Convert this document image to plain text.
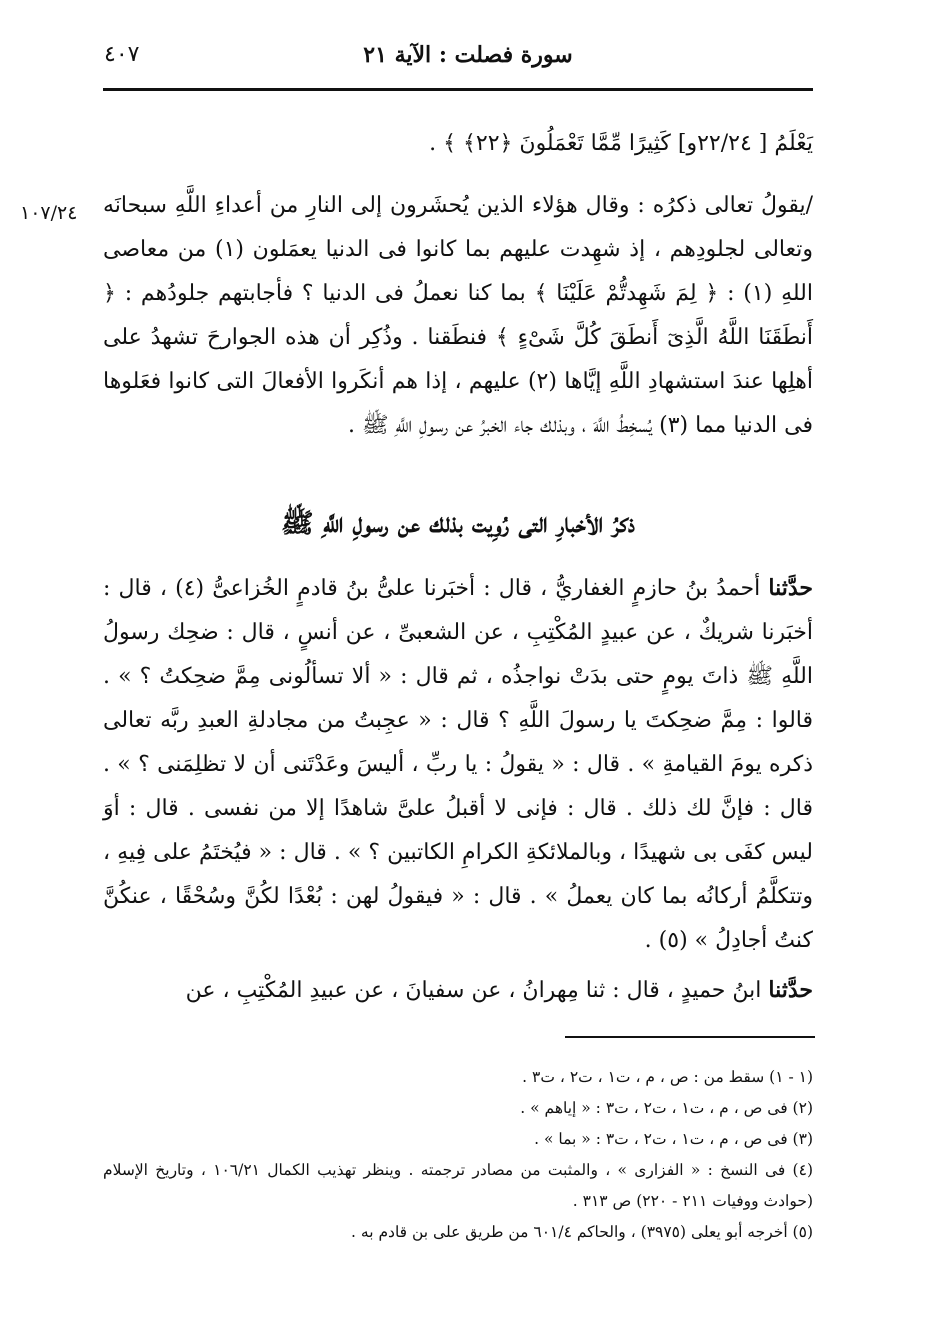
٤٠٧	سورة فصلت : الآية ٢١

يَعْلَمُ [ ٢٢/٢٤و] كَثِيرًا مِّمَّا تَعْمَلُونَ ﴿٢٢﴾ ﴾ .

١٠٧/٢٤ /يقولُ تعالى ذكرُه : وقال هؤلاء الذين يُحشَرون إلى النارِ من أعداءِ اللَّهِ سبحانَه وتعالى لجلودِهم ، إذ شهِدت عليهم بما كانوا فى الدنيا يعمَلون (١) من معاصى اللهِ (١) : ﴿ لِمَ شَهِدتُّمْ عَلَيْنَا ﴾ بما كنا نعملُ فى الدنيا ؟ فأجابتهم جلودُهم : ﴿ أَنطَقَنَا اللَّهُ الَّذِىٓ أَنطَقَ كُلَّ شَىْءٍ ﴾ فنطَقنا . وذُكِر أن هذه الجوارحَ تشهدُ على أهلِها عندَ استشهادِ اللَّهِ إيَّاها (٢) عليهم ، إذا هم أنكَروا الأفعالَ التى كانوا فعَلوها فى الدنيا مما (٣) يُسخِطُ اللَّهَ ، وبذلك جاء الخبرُ عن رسولِ اللَّهِ ﷺ .

ذكرُ الأخبارِ التى رُوِيت بذلك عن رسولِ اللَّهِ ﷺ

حدَّثنا أحمدُ بنُ حازمٍ الغفاريُّ ، قال : أخبَرنا علىُّ بنُ قادمٍ الخُزاعىُّ (٤) ، قال : أخبَرنا شريكٌ ، عن عبيدٍ المُكْتِبِ ، عن الشعبىِّ ، عن أنسٍ ، قال : ضحِك رسولُ اللَّهِ ﷺ ذاتَ يومٍ حتى بدَتْ نواجذُه ، ثم قال : « ألا تسألُونى مِمَّ ضحِكتُ ؟ » . قالوا : مِمَّ ضحِكتَ يا رسولَ اللَّهِ ؟ قال : « عجِبتُ من مجادلةِ العبدِ ربَّه تعالى ذكره يومَ القيامةِ » . قال : « يقولُ : يا ربِّ ، أليسَ وعَدْتَنى أن لا تظلِمَنى ؟ » . قال : فإنَّ لك ذلك . قال : فإنى لا أقبلُ علىَّ شاهدًا إلا من نفسى . قال : أوَ ليس كفَى بى شهيدًا ، وبالملائكةِ الكرامِ الكاتبين ؟ » . قال : « فيُختَمُ على فِيهِ ، وتتكلَّمُ أركانُه بما كان يعملُ » . قال : « فيقولُ لهن : بُعْدًا لكُنَّ وسُحْقًا ، عنكُنَّ كنتُ أجادِلُ » (٥) .

حدَّثنا ابنُ حميدٍ ، قال : ثنا مِهرانُ ، عن سفيانَ ، عن عبيدِ المُكْتِبِ ، عن

(١ - ١) سقط من : ص ، م ، ت١ ، ت٢ ، ت٣ .

(٢) فى ص ، م ، ت١ ، ت٢ ، ت٣ : « إياهم » .

(٣) فى ص ، م ، ت١ ، ت٢ ، ت٣ : « بما » .

(٤) فى النسخ : « الفزارى » ، والمثبت من مصادر ترجمته . وينظر تهذيب الكمال ١٠٦/٢١ ، وتاريخ الإسلام (حوادث ووفيات ٢١١ - ٢٢٠) ص ٣١٣ .

(٥) أخرجه أبو يعلى (٣٩٧٥) ، والحاكم ٦٠١/٤ من طريق على بن قادم به .
